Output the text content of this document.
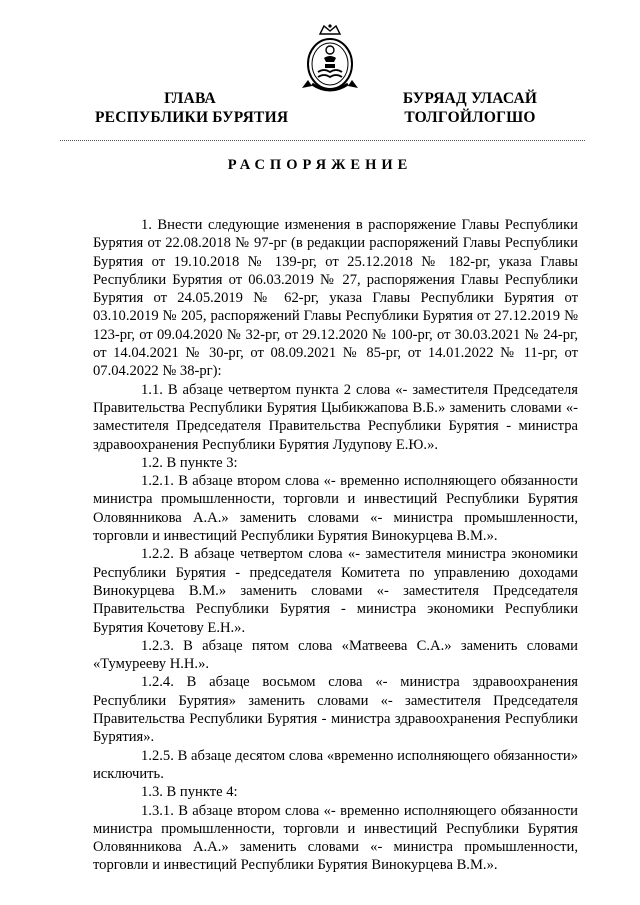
ГЛАВА
РЕСПУБЛИКИ БУРЯТИЯ
БУРЯАД УЛАСАЙ
ТОЛГОЙЛОГШО
РАСПОРЯЖЕНИЕ

1. Внести следующие изменения в распоряжение Главы Республики Бурятия от 22.08.2018 № 97-рг (в редакции распоряжений Главы Республики Бурятия от 19.10.2018 № 139-рг, от 25.12.2018 № 182-рг, указа Главы Республики Бурятия от 06.03.2019 № 27, распоряжения Главы Республики Бурятия от 24.05.2019 № 62-рг, указа Главы Республики Бурятия от 03.10.2019 № 205, распоряжений Главы Республики Бурятия от 27.12.2019 № 123-рг, от 09.04.2020 № 32-рг, от 29.12.2020 № 100-рг, от 30.03.2021 № 24-рг, от 14.04.2021 № 30-рг, от 08.09.2021 № 85-рг, от 14.01.2022 № 11-рг, от 07.04.2022 № 38-рг):

1.1. В абзаце четвертом пункта 2 слова «- заместителя Председателя Правительства Республики Бурятия Цыбикжапова В.Б.» заменить словами «- заместителя Председателя Правительства Республики Бурятия - министра здравоохранения Республики Бурятия Лудупову Е.Ю.».

1.2. В пункте 3:

1.2.1. В абзаце втором слова «- временно исполняющего обязанности министра промышленности, торговли и инвестиций Республики Бурятия Оловянникова А.А.» заменить словами «- министра промышленности, торговли и инвестиций Республики Бурятия Винокурцева В.М.».

1.2.2. В абзаце четвертом слова «- заместителя министра экономики Республики Бурятия - председателя Комитета по управлению доходами Винокурцева В.М.» заменить словами «- заместителя Председателя Правительства Республики Бурятия - министра экономики Республики Бурятия Кочетову Е.Н.».

1.2.3. В абзаце пятом слова «Матвеева С.А.» заменить словами «Тумурееву Н.Н.».

1.2.4. В абзаце восьмом слова «- министра здравоохранения Республики Бурятия» заменить словами «- заместителя Председателя Правительства Республики Бурятия - министра здравоохранения Республики Бурятия».

1.2.5. В абзаце десятом слова «временно исполняющего обязанности» исключить.

1.3. В пункте 4:

1.3.1. В абзаце втором слова «- временно исполняющего обязанности министра промышленности, торговли и инвестиций Республики Бурятия Оловянникова А.А.» заменить словами «- министра промышленности, торговли и инвестиций Республики Бурятия Винокурцева В.М.».
